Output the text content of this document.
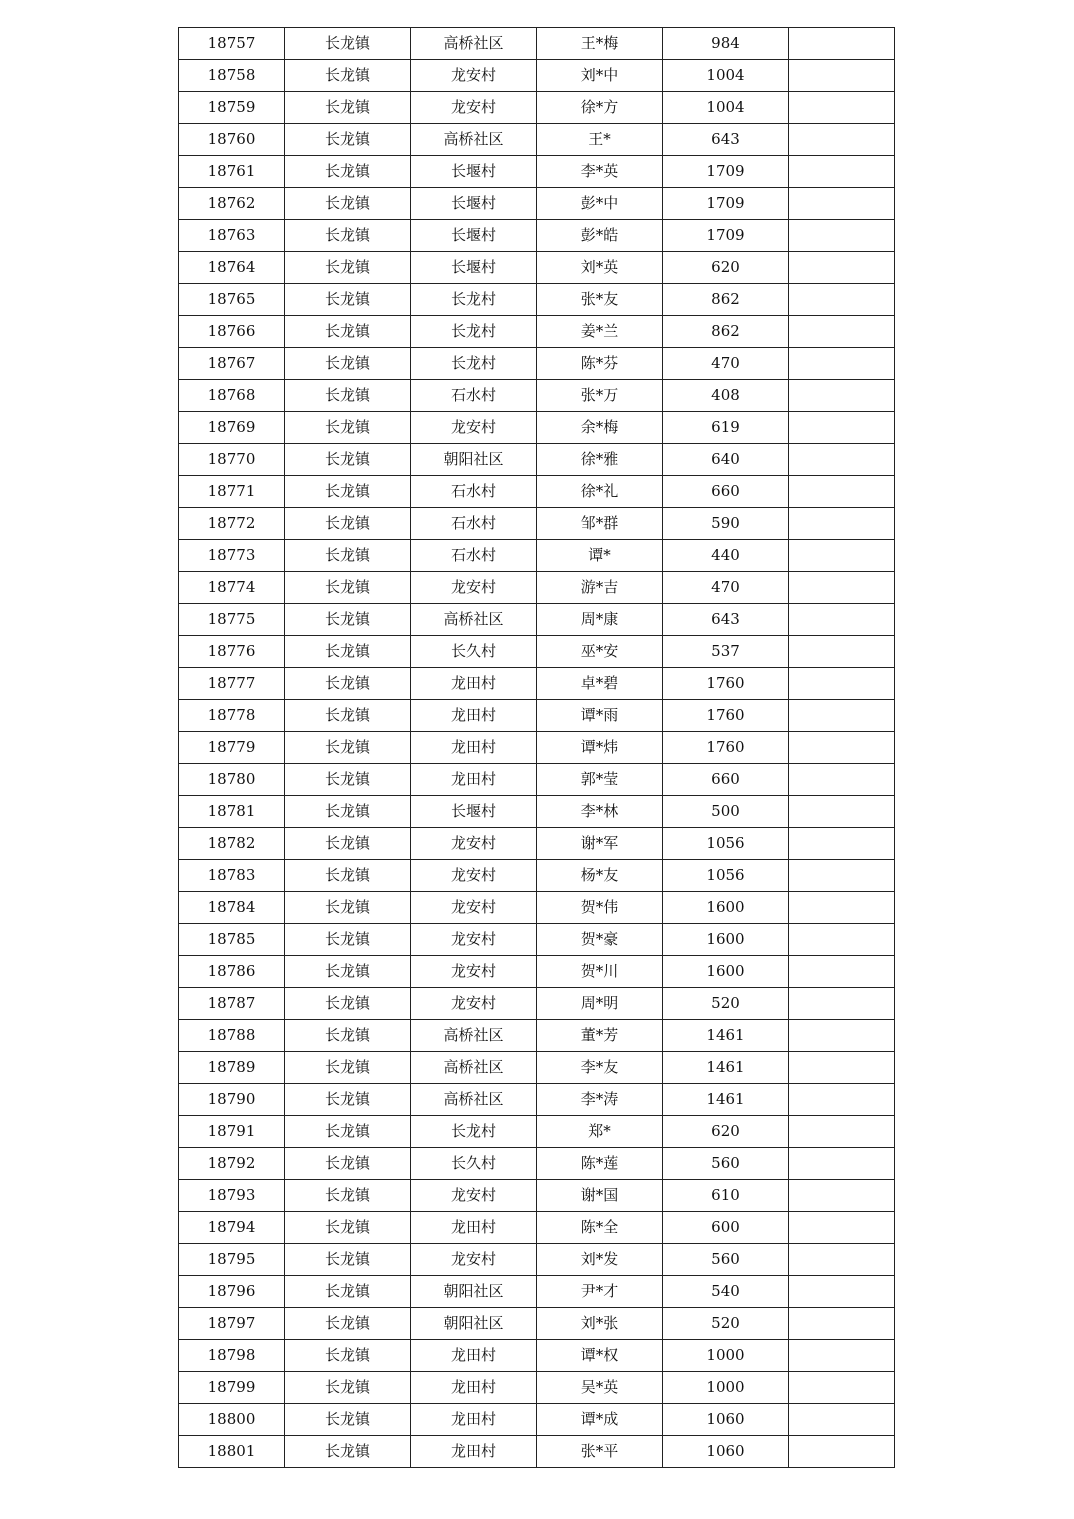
18757	长龙镇	高桥社区	王*梅	984	
18758	长龙镇	龙安村	刘*中	1004	
18759	长龙镇	龙安村	徐*方	1004	
18760	长龙镇	高桥社区	王*	643	
18761	长龙镇	长堰村	李*英	1709	
18762	长龙镇	长堰村	彭*中	1709	
18763	长龙镇	长堰村	彭*皓	1709	
18764	长龙镇	长堰村	刘*英	620	
18765	长龙镇	长龙村	张*友	862	
18766	长龙镇	长龙村	姜*兰	862	
18767	长龙镇	长龙村	陈*芬	470	
18768	长龙镇	石水村	张*万	408	
18769	长龙镇	龙安村	余*梅	619	
18770	长龙镇	朝阳社区	徐*雅	640	
18771	长龙镇	石水村	徐*礼	660	
18772	长龙镇	石水村	邹*群	590	
18773	长龙镇	石水村	谭*	440	
18774	长龙镇	龙安村	游*吉	470	
18775	长龙镇	高桥社区	周*康	643	
18776	长龙镇	长久村	巫*安	537	
18777	长龙镇	龙田村	卓*碧	1760	
18778	长龙镇	龙田村	谭*雨	1760	
18779	长龙镇	龙田村	谭*炜	1760	
18780	长龙镇	龙田村	郭*莹	660	
18781	长龙镇	长堰村	李*林	500	
18782	长龙镇	龙安村	谢*军	1056	
18783	长龙镇	龙安村	杨*友	1056	
18784	长龙镇	龙安村	贺*伟	1600	
18785	长龙镇	龙安村	贺*豪	1600	
18786	长龙镇	龙安村	贺*川	1600	
18787	长龙镇	龙安村	周*明	520	
18788	长龙镇	高桥社区	董*芳	1461	
18789	长龙镇	高桥社区	李*友	1461	
18790	长龙镇	高桥社区	李*涛	1461	
18791	长龙镇	长龙村	郑*	620	
18792	长龙镇	长久村	陈*莲	560	
18793	长龙镇	龙安村	谢*国	610	
18794	长龙镇	龙田村	陈*全	600	
18795	长龙镇	龙安村	刘*发	560	
18796	长龙镇	朝阳社区	尹*才	540	
18797	长龙镇	朝阳社区	刘*张	520	
18798	长龙镇	龙田村	谭*权	1000	
18799	长龙镇	龙田村	吴*英	1000	
18800	长龙镇	龙田村	谭*成	1060	
18801	长龙镇	龙田村	张*平	1060	
